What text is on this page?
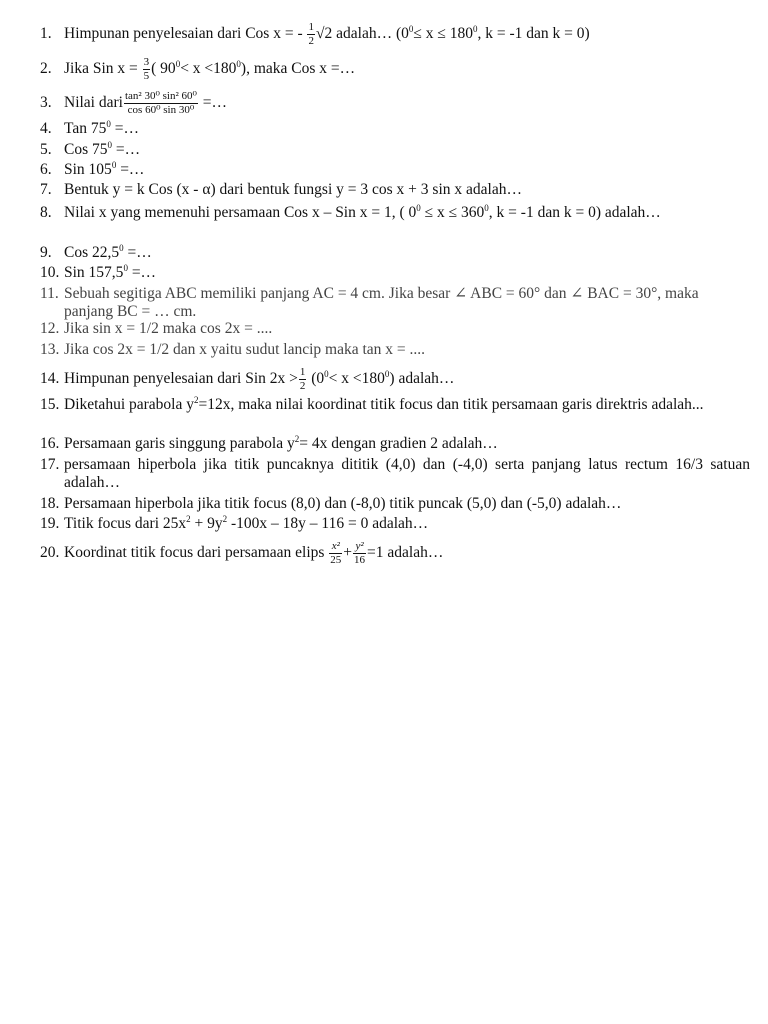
1. Himpunan penyelesaian dari Cos x = - $\frac{1}{2} √2$ adalah… ($0^0\le x \le 180^0$, k = -1 dan k = 0)
2. Jika Sin $x = \frac{3}{5}$ ( $90^0< x <180^0$), maka Cos x =…
3. Nilai dari $\frac{\text{tan² 30⁰ sin² 60⁰}}{\text{cos 60⁰ sin 30⁰}}$ =…
4. Tan $75^0$ =…
5. Cos $75^0$ =…
6. Sin $105^0$ =…
7. Bentuk y = k Cos (x - α) dari bentuk fungsi y = 3 cos x + 3 sin x adalah…
8. Nilai x yang memenuhi persamaan Cos x – Sin x = 1, ( $0^0 \le x \le 360^0$, k = -1 dan k = 0) adalah…
9. Cos $22,5^0$ =…
10. Sin $157,5^0$ =…
11. Sebuah segitiga ABC memiliki panjang AC = 4 cm. Jika besar ∠ ABC = 60° dan ∠ BAC = 30°, maka panjang BC = … cm.
12. Jika sin x = 1/2 maka cos 2x = ....
13. Jika cos 2x = 1/2 dan x yaitu sudut lancip maka tan x = ....
14. Himpunan penyelesaian dari Sin $2x > \frac{1}{2} (0^0< x <180^0)$ adalah…
15. Diketahui parabola $y^2=12x$, maka nilai koordinat titik focus dan titik persamaan garis direktris adalah...
16. Persamaan garis singgung parabola $y^2= 4x$ dengan gradien 2 adalah…
17. persamaan hiperbola jika titik puncaknya dititik (4,0) dan (-4,0) serta panjang latus rectum 16/3 satuan adalah…
18. Persamaan hiperbola jika titik focus (8,0) dan (-8,0) titik puncak (5,0) dan (-5,0) adalah…
19. Titik focus dari $25x^2 + 9y^2$ -100x – 18y – 116 = 0 adalah…
20. Koordinat titik focus dari persamaan elips $\frac{\text{x²}}{25} + \frac{\text{y²}}{16} =1$ adalah…
